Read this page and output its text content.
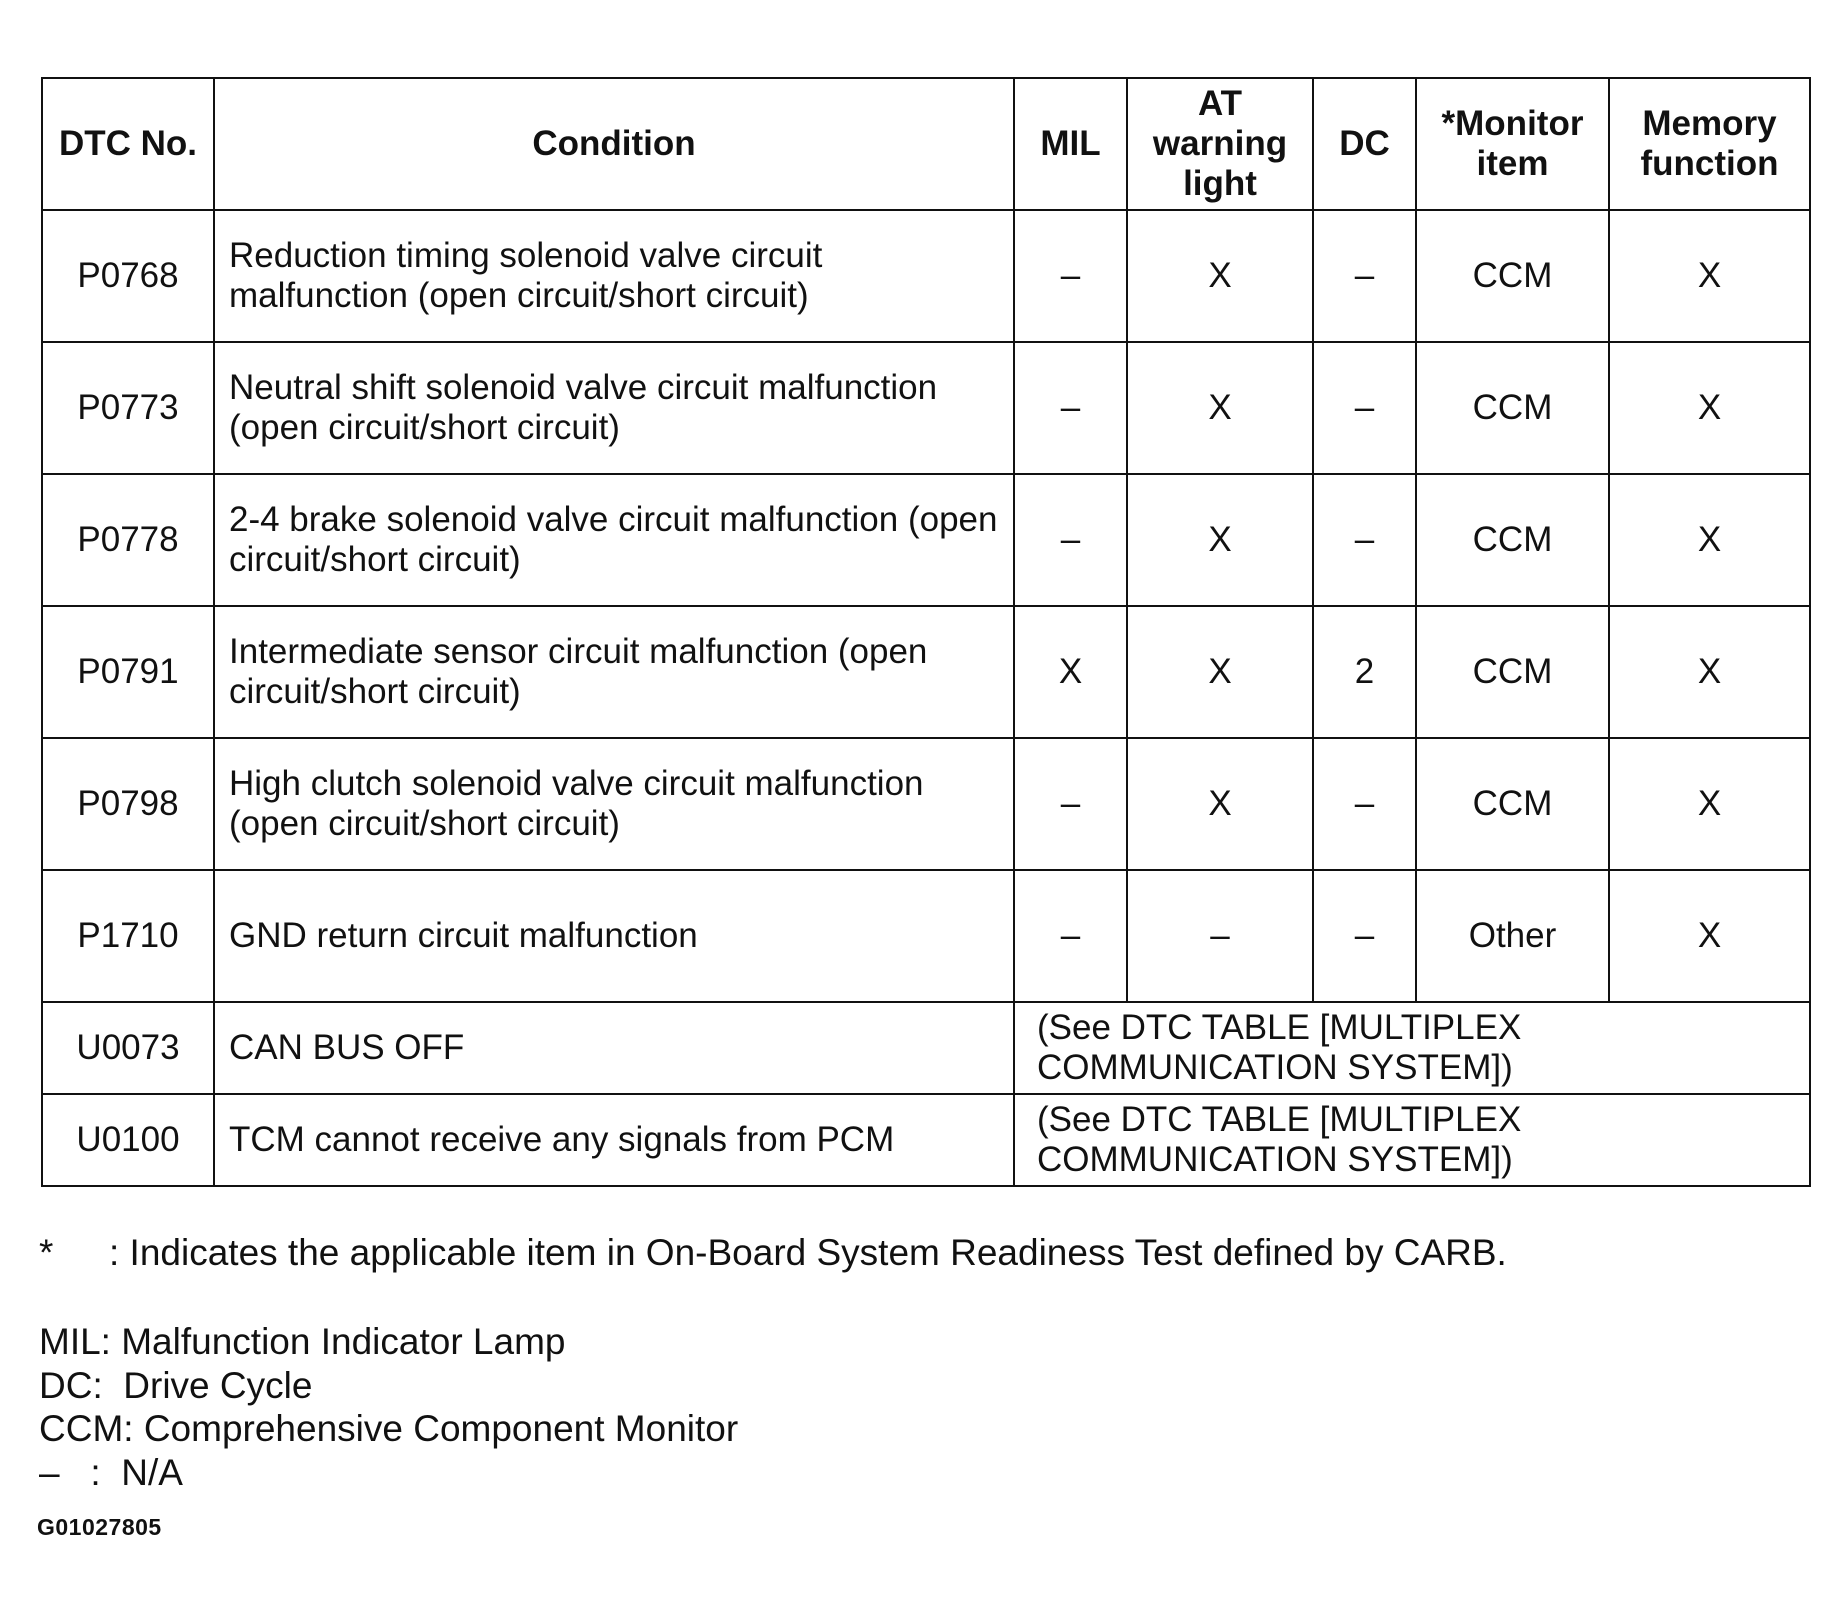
DTC No.	Condition	MIL	AT warning light	DC	*Monitor item	Memory function
P0768	Reduction timing solenoid valve circuit malfunction (open circuit/short circuit)	–	X	–	CCM	X
P0773	Neutral shift solenoid valve circuit malfunction (open circuit/short circuit)	–	X	–	CCM	X
P0778	2-4 brake solenoid valve circuit malfunction (open circuit/short circuit)	–	X	–	CCM	X
P0791	Intermediate sensor circuit malfunction (open circuit/short circuit)	X	X	2	CCM	X
P0798	High clutch solenoid valve circuit malfunction (open circuit/short circuit)	–	X	–	CCM	X
P1710	GND return circuit malfunction	–	–	–	Other	X
U0073	CAN BUS OFF	(See DTC TABLE [MULTIPLEX
COMMUNICATION SYSTEM])				

U0100	TCM cannot receive any signals from PCM	(See DTC TABLE [MULTIPLEX
COMMUNICATION SYSTEM])				
* : Indicates the applicable item in On-Board System Readiness Test defined by CARB.
MIL: Malfunction Indicator Lamp
DC:  Drive Cycle
CCM: Comprehensive Component Monitor
–   :  N/A
G01027805
